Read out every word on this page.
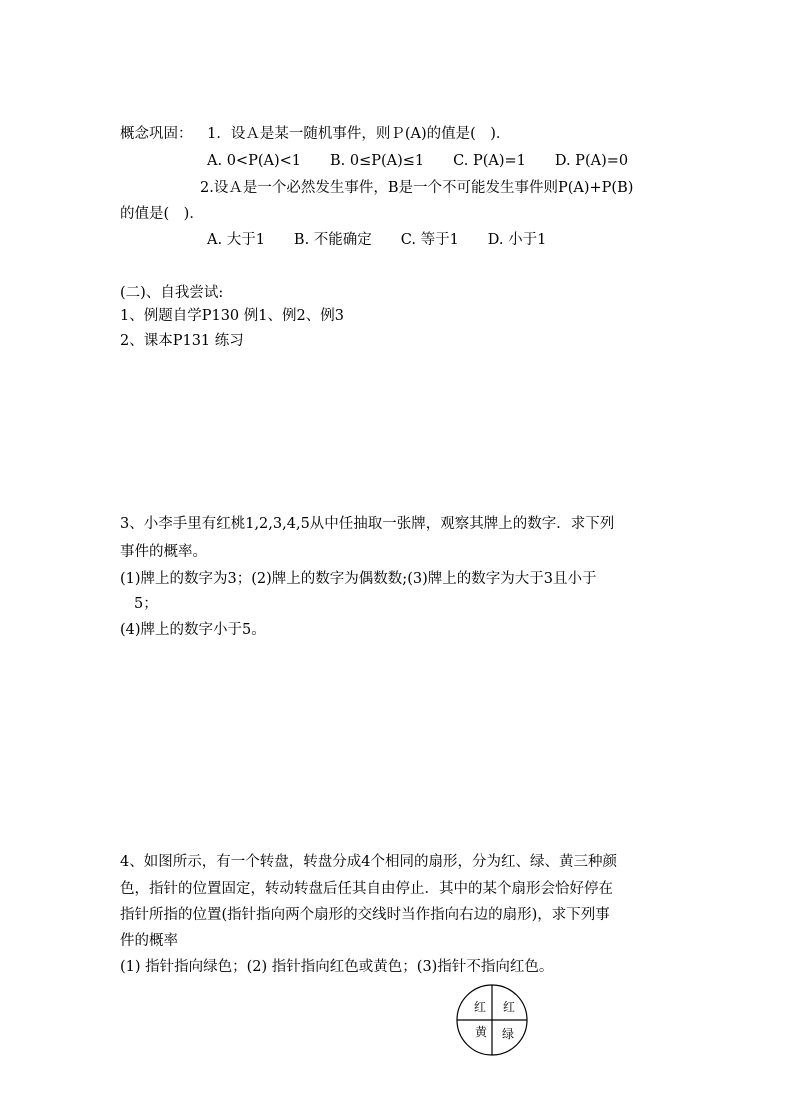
概念巩固： 1．设Ａ是某一随机事件，则Ｐ(A)的值是(　)．
A. 0<P(A)<1　　B. 0≤P(A)≤1　　C. P(A)=1　　D. P(A)=0
2.设Ａ是一个必然发生事件，B是一个不可能发生事件则P(A)+P(B)
的值是(　)．
A. 大于1　　B. 不能确定　　C. 等于1　　D. 小于1
(二)、自我尝试:
1、例题自学P130 例1、例2、例3
2、课本P131 练习
3、小李手里有红桃1,2,3,4,5从中任抽取一张牌，观察其牌上的数字．求下列
事件的概率。
(1)牌上的数字为3；(2)牌上的数字为偶数数;(3)牌上的数字为大于3且小于
5；
(4)牌上的数字小于5。
4、如图所示，有一个转盘，转盘分成4个相同的扇形，分为红、绿、黄三种颜
色，指针的位置固定，转动转盘后任其自由停止．其中的某个扇形会恰好停在
指针所指的位置(指针指向两个扇形的交线时当作指向右边的扇形)，求下列事
件的概率
(1) 指针指向绿色；(2) 指针指向红色或黄色；(3)指针不指向红色。
红 红
黄 绿
